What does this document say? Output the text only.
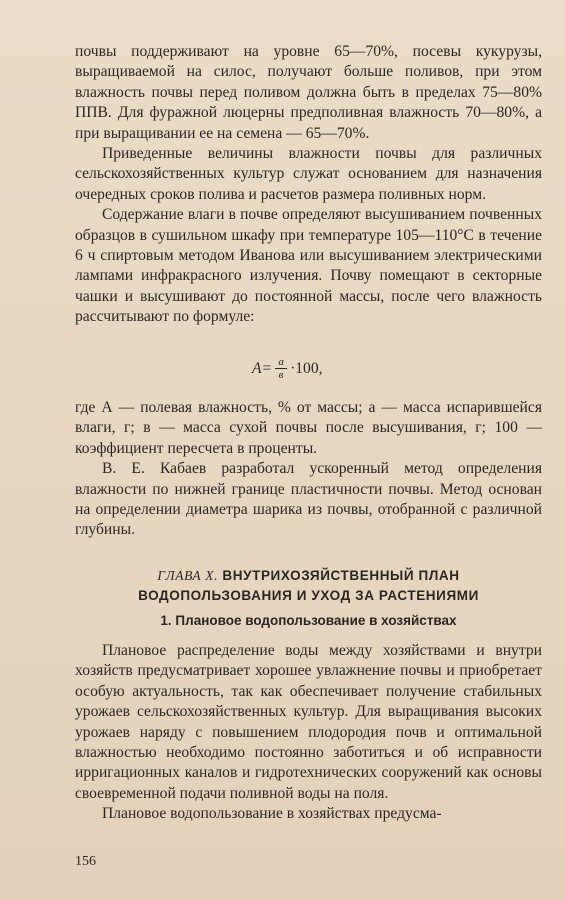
почвы поддерживают на уровне 65—70%, посевы кукурузы, выращиваемой на силос, получают больше поливов, при этом влажность почвы перед поливом должна быть в пределах 75—80% ППВ. Для фуражной люцерны предполивная влажность 70—80%, а при выращивании ее на семена — 65—70%.

Приведенные величины влажности почвы для различных сельскохозяйственных культур служат основанием для назначения очередных сроков полива и расчетов размера поливных норм.

Содержание влаги в почве определяют высушиванием почвенных образцов в сушильном шкафу при температуре 105—110°С в течение 6 ч спиртовым методом Иванова или высушиванием электрическими лампами инфракрасного излучения. Почву помещают в секторные чашки и высушивают до постоянной массы, после чего влажность рассчитывают по формуле:

$A= \frac{a}{в} \cdot 100$,

где А — полевая влажность, % от массы; а — масса испарившейся влаги, г; в — масса сухой почвы после высушивания, г; 100 — коэффициент пересчета в проценты.

В. Е. Кабаев разработал ускоренный метод определения влажности по нижней границе пластичности почвы. Метод основан на определении диаметра шарика из почвы, отобранной с различной глубины.

ГЛАВА X. ВНУТРИХОЗЯЙСТВЕННЫЙ ПЛАН
ВОДОПОЛЬЗОВАНИЯ И УХОД ЗА РАСТЕНИЯМИ
1. Плановое водопользование в хозяйствах

Плановое распределение воды между хозяйствами и внутри хозяйств предусматривает хорошее увлажнение почвы и приобретает особую актуальность, так как обеспечивает получение стабильных урожаев сельскохозяйственных культур. Для выращивания высоких урожаев наряду с повышением плодородия почв и оптимальной влажностью необходимо постоянно заботиться и об исправности ирригационных каналов и гидротехнических сооружений как основы своевременной подачи поливной воды на поля.

Плановое водопользование в хозяйствах предусма-

156
